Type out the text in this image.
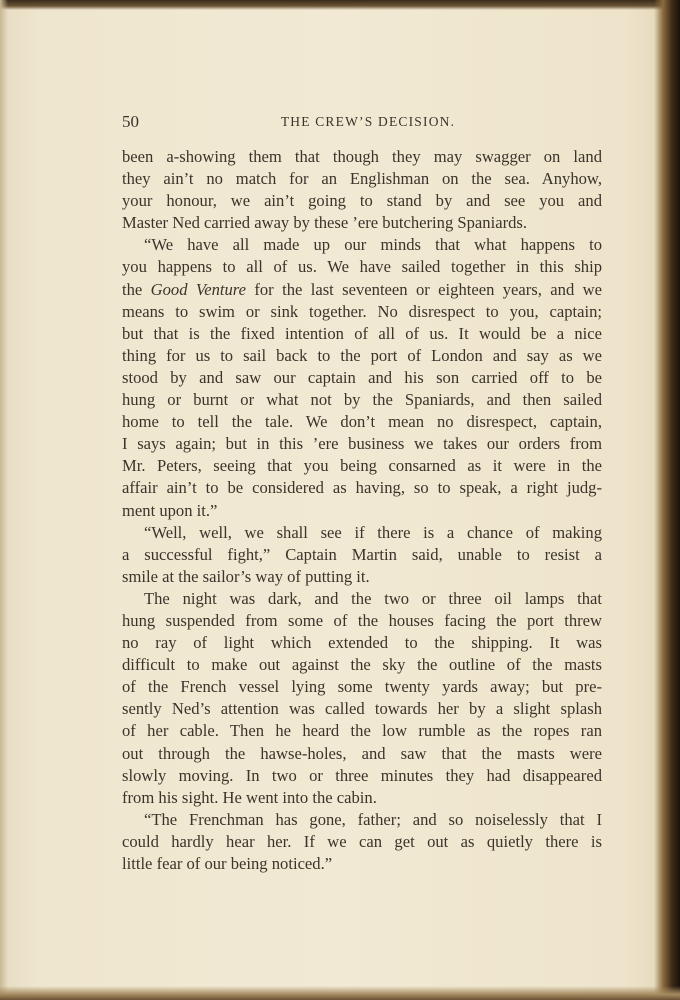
50	THE CREW’S DECISION.
been a-showing them that though they may swagger on land
they ain’t no match for an Englishman on the sea. Anyhow,
your honour, we ain’t going to stand by and see you and
Master Ned carried away by these ’ere butchering Spaniards.
“We have all made up our minds that what happens to
you happens to all of us. We have sailed together in this ship
the Good Venture for the last seventeen or eighteen years, and we
means to swim or sink together. No disrespect to you, captain;
but that is the fixed intention of all of us. It would be a nice
thing for us to sail back to the port of London and say as we
stood by and saw our captain and his son carried off to be
hung or burnt or what not by the Spaniards, and then sailed
home to tell the tale. We don’t mean no disrespect, captain,
I says again; but in this ’ere business we takes our orders from
Mr. Peters, seeing that you being consarned as it were in the
affair ain’t to be considered as having, so to speak, a right judg-
ment upon it.”
“Well, well, we shall see if there is a chance of making
a successful fight,” Captain Martin said, unable to resist a
smile at the sailor’s way of putting it.
The night was dark, and the two or three oil lamps that
hung suspended from some of the houses facing the port threw
no ray of light which extended to the shipping. It was
difficult to make out against the sky the outline of the masts
of the French vessel lying some twenty yards away; but pre-
sently Ned’s attention was called towards her by a slight splash
of her cable. Then he heard the low rumble as the ropes ran
out through the hawse-holes, and saw that the masts were
slowly moving. In two or three minutes they had disappeared
from his sight. He went into the cabin.
“The Frenchman has gone, father; and so noiselessly that I
could hardly hear her. If we can get out as quietly there is
little fear of our being noticed.”
